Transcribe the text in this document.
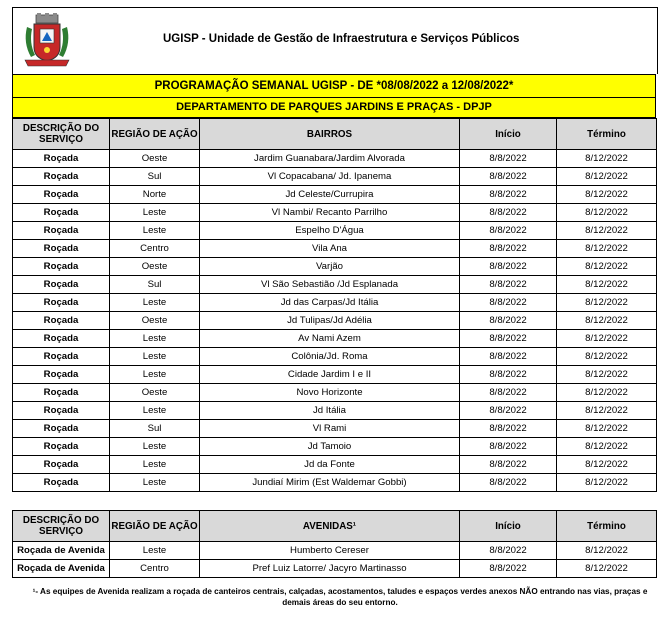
UGISP - Unidade de Gestão de Infraestrutura e Serviços Públicos
PROGRAMAÇÃO SEMANAL UGISP - DE *08/08/2022 a 12/08/2022*
DEPARTAMENTO DE PARQUES JARDINS E PRAÇAS - DPJP
DESCRIÇÃO DO SERVIÇO	REGIÃO DE AÇÃO	BAIRROS	Início	Término
Roçada	Oeste	Jardim Guanabara/Jardim Alvorada	8/8/2022	8/12/2022
Roçada	Sul	Vl Copacabana/ Jd. Ipanema	8/8/2022	8/12/2022
Roçada	Norte	Jd Celeste/Currupira	8/8/2022	8/12/2022
Roçada	Leste	Vl Nambi/ Recanto Parrilho	8/8/2022	8/12/2022
Roçada	Leste	Espelho D'Água	8/8/2022	8/12/2022
Roçada	Centro	Vila Ana	8/8/2022	8/12/2022
Roçada	Oeste	Varjão	8/8/2022	8/12/2022
Roçada	Sul	Vl São Sebastião /Jd Esplanada	8/8/2022	8/12/2022
Roçada	Leste	Jd das Carpas/Jd Itália	8/8/2022	8/12/2022
Roçada	Oeste	Jd Tulipas/Jd Adélia	8/8/2022	8/12/2022
Roçada	Leste	Av Nami Azem	8/8/2022	8/12/2022
Roçada	Leste	Colônia/Jd. Roma	8/8/2022	8/12/2022
Roçada	Leste	Cidade Jardim I e II	8/8/2022	8/12/2022
Roçada	Oeste	Novo Horizonte	8/8/2022	8/12/2022
Roçada	Leste	Jd Itália	8/8/2022	8/12/2022
Roçada	Sul	Vl Rami	8/8/2022	8/12/2022
Roçada	Leste	Jd Tamoio	8/8/2022	8/12/2022
Roçada	Leste	Jd da Fonte	8/8/2022	8/12/2022
Roçada	Leste	Jundiaí Mirim (Est Waldemar Gobbi)	8/8/2022	8/12/2022
DESCRIÇÃO DO SERVIÇO	REGIÃO DE AÇÃO	AVENIDAS¹	Início	Término
Roçada de Avenida	Leste	Humberto Cereser	8/8/2022	8/12/2022
Roçada de Avenida	Centro	Pref Luiz Latorre/ Jacyro Martinasso	8/8/2022	8/12/2022
¹- As equipes de Avenida realizam a roçada de canteiros centrais, calçadas, acostamentos, taludes e espaços verdes anexos NÃO entrando nas vias, praças e demais áreas do seu entorno.
